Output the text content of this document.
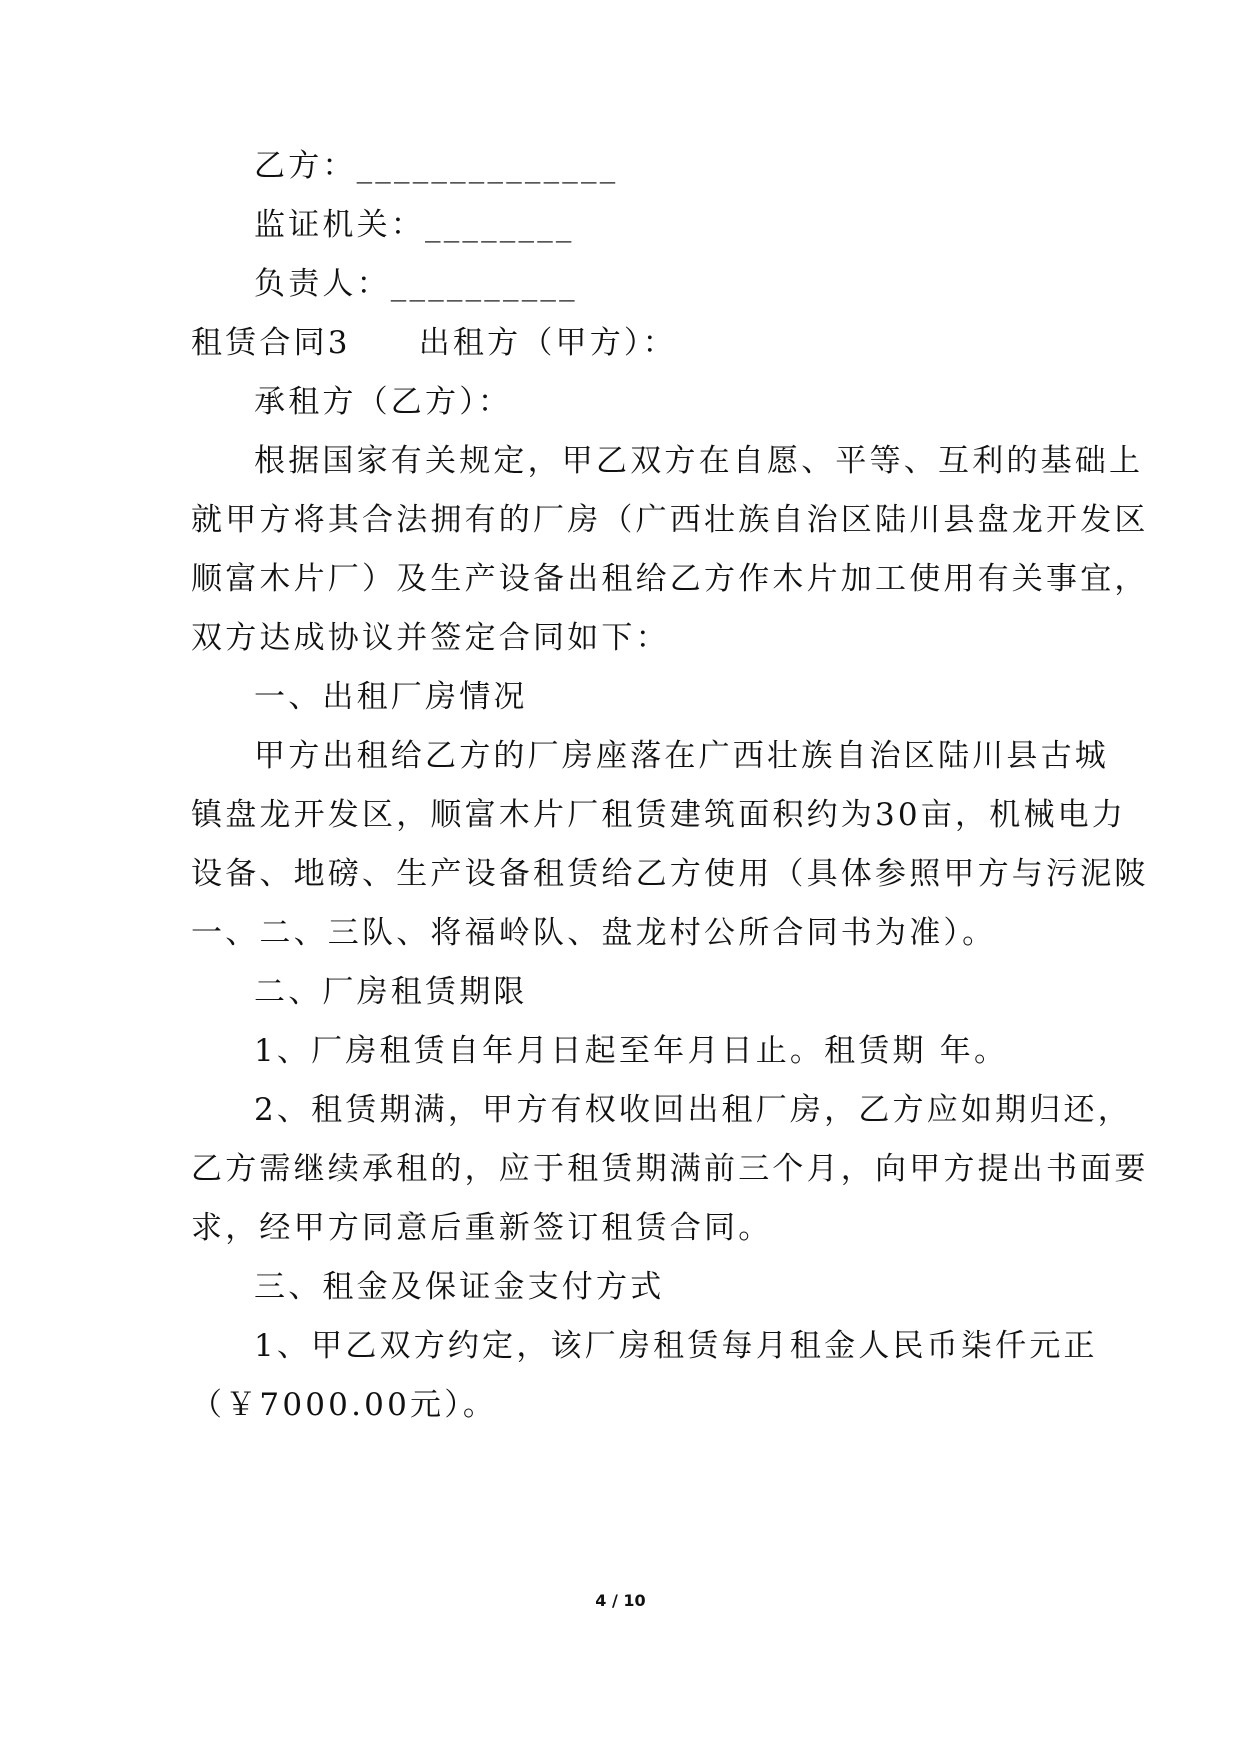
乙方：______________
监证机关：________
负责人：__________
租赁合同3 出租方（甲方）：
承租方（乙方）：
根据国家有关规定，甲乙双方在自愿、平等、互利的基础上
就甲方将其合法拥有的厂房（广西壮族自治区陆川县盘龙开发区
顺富木片厂）及生产设备出租给乙方作木片加工使用有关事宜，
双方达成协议并签定合同如下：
一、出租厂房情况
甲方出租给乙方的厂房座落在广西壮族自治区陆川县古城
镇盘龙开发区，顺富木片厂租赁建筑面积约为30亩，机械电力
设备、地磅、生产设备租赁给乙方使用（具体参照甲方与污泥陂
一、二、三队、将福岭队、盘龙村公所合同书为准）。
二、厂房租赁期限
1、厂房租赁自年月日起至年月日止。租赁期 年。
2、租赁期满，甲方有权收回出租厂房，乙方应如期归还，
乙方需继续承租的，应于租赁期满前三个月，向甲方提出书面要
求，经甲方同意后重新签订租赁合同。
三、租金及保证金支付方式
1、甲乙双方约定，该厂房租赁每月租金人民币柒仟元正
（￥7000.00元）。
4 / 10
